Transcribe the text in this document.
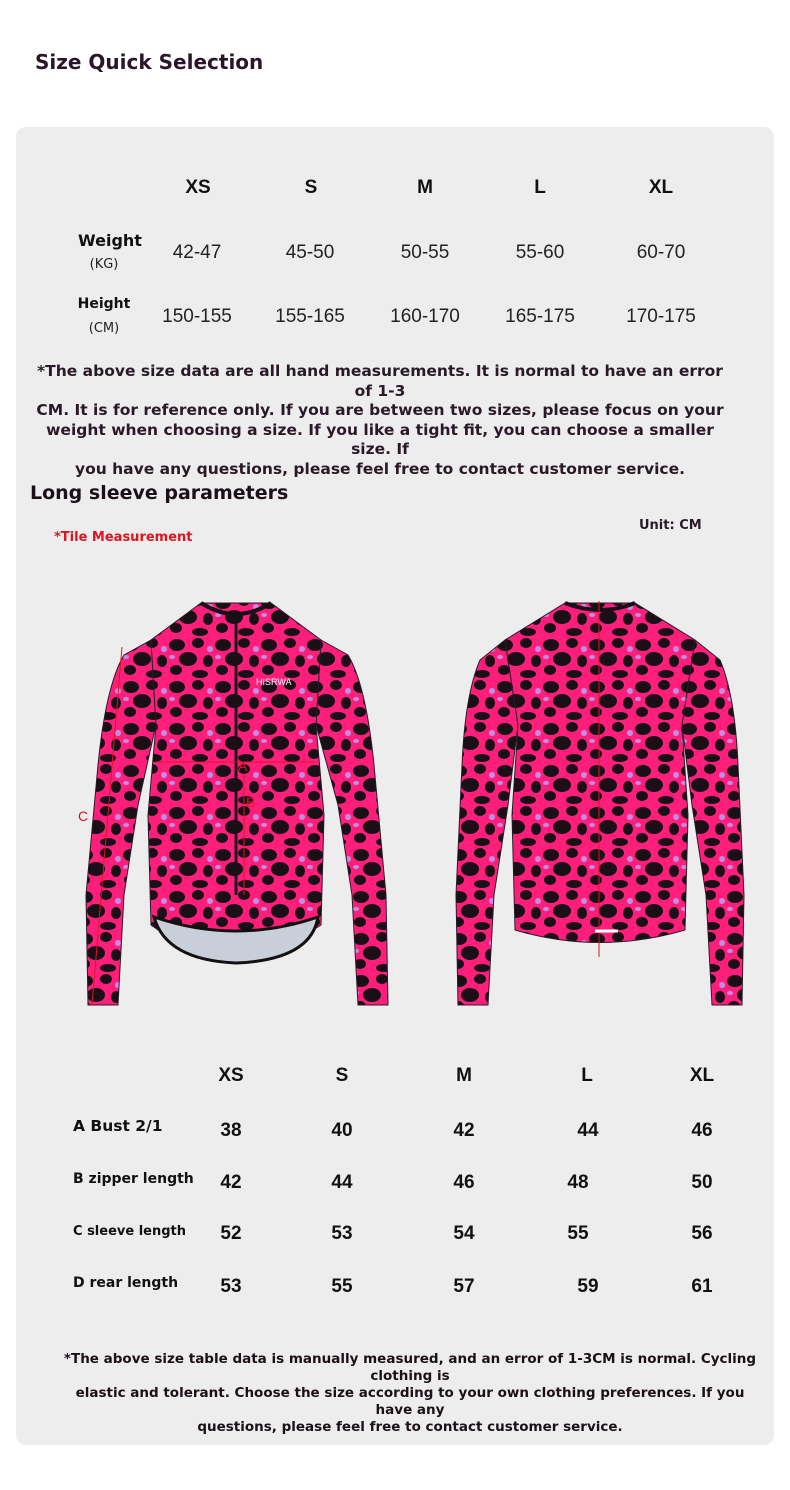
Size Quick Selection
XS	S	M	L	XL
Weight
(KG)
42-47	45-50	50-55	55-60	60-70
Height
(CM)
150-155	155-165	160-170	165-175	170-175
*The above size data are all hand measurements. It is normal to have an error of 1-3
CM. It is for reference only. If you are between two sizes, please focus on your
weight when choosing a size. If you like a tight fit, you can choose a smaller size. If
you have any questions, please feel free to contact customer service.
Long sleeve parameters
Unit: CM
*Tile Measurement
A
B
HISRWA
C
XS	S	M	L	XL
A Bust 2/1	38	40	42	44	46
B zipper length	42	44	46	48	50
C sleeve length	52	53	54	55	56
D rear length	53	55	57	59	61
*The above size table data is manually measured, and an error of 1-3CM is normal. Cycling clothing is
elastic and tolerant. Choose the size according to your own clothing preferences. If you have any
questions, please feel free to contact customer service.
